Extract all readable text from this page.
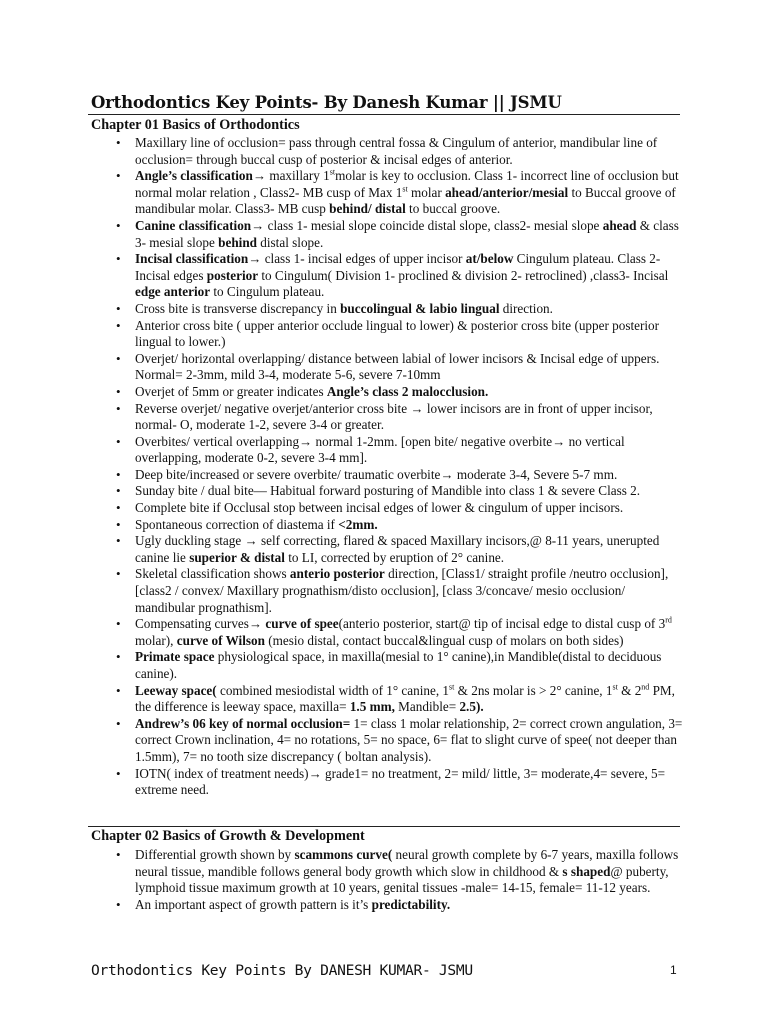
Orthodontics Key Points- By Danesh Kumar || JSMU
Chapter 01 Basics of Orthodontics
• Maxillary line of occlusion= pass through central fossa & Cingulum of anterior, mandibular line of occlusion= through buccal cusp of posterior & incisal edges of anterior.
• Angle’s classification→ maxillary 1stmolar is key to occlusion. Class 1- incorrect line of occlusion but normal molar relation , Class2- MB cusp of Max 1st molar ahead/anterior/mesial to Buccal groove of mandibular molar. Class3- MB cusp behind/ distal to buccal groove.
• Canine classification→ class 1- mesial slope coincide distal slope, class2- mesial slope ahead & class 3- mesial slope behind distal slope.
• Incisal classification→ class 1- incisal edges of upper incisor at/below Cingulum plateau. Class 2- Incisal edges posterior to Cingulum( Division 1- proclined & division 2- retroclined) ,class3- Incisal edge anterior to Cingulum plateau.
• Cross bite is transverse discrepancy in buccolingual & labio lingual direction.
• Anterior cross bite ( upper anterior occlude lingual to lower) & posterior cross bite (upper posterior lingual to lower.)
• Overjet/ horizontal overlapping/ distance between labial of lower incisors & Incisal edge of uppers. Normal= 2-3mm, mild 3-4, moderate 5-6, severe 7-10mm
• Overjet of 5mm or greater indicates Angle’s class 2 malocclusion.
• Reverse overjet/ negative overjet/anterior cross bite → lower incisors are in front of upper incisor, normal- O, moderate 1-2, severe 3-4 or greater.
• Overbites/ vertical overlapping→ normal 1-2mm. [open bite/ negative overbite→ no vertical overlapping, moderate 0-2, severe 3-4 mm].
• Deep bite/increased or severe overbite/ traumatic overbite→ moderate 3-4, Severe 5-7 mm.
• Sunday bite / dual bite— Habitual forward posturing of Mandible into class 1 & severe Class 2.
• Complete bite if Occlusal stop between incisal edges of lower & cingulum of upper incisors.
• Spontaneous correction of diastema if <2mm.
• Ugly duckling stage → self correcting, flared & spaced Maxillary incisors,@ 8-11 years, unerupted canine lie superior & distal to LI, corrected by eruption of 2° canine.
• Skeletal classification shows anterio posterior direction, [Class1/ straight profile /neutro occlusion], [class2 / convex/ Maxillary prognathism/disto occlusion], [class 3/concave/ mesio occlusion/ mandibular prognathism].
• Compensating curves→ curve of spee(anterio posterior, start@ tip of incisal edge to distal cusp of 3rd molar), curve of Wilson (mesio distal, contact buccal&lingual cusp of molars on both sides)
• Primate space physiological space, in maxilla(mesial to 1° canine),in Mandible(distal to deciduous canine).
• Leeway space( combined mesiodistal width of 1° canine, 1st & 2ns molar is > 2° canine, 1st & 2nd PM, the difference is leeway space, maxilla= 1.5 mm, Mandible= 2.5).
• Andrew’s 06 key of normal occlusion= 1= class 1 molar relationship, 2= correct crown angulation, 3= correct Crown inclination, 4= no rotations, 5= no space, 6= flat to slight curve of spee( not deeper than 1.5mm), 7= no tooth size discrepancy ( boltan analysis).
• IOTN( index of treatment needs)→ grade1= no treatment, 2= mild/ little, 3= moderate,4= severe, 5= extreme need.
Chapter 02 Basics of Growth & Development
• Differential growth shown by scammons curve( neural growth complete by 6-7 years, maxilla follows neural tissue, mandible follows general body growth which slow in childhood & s shaped@ puberty, lymphoid tissue maximum growth at 10 years, genital tissues -male= 14-15, female= 11-12 years.
• An important aspect of growth pattern is it’s predictability.
Orthodontics Key Points By DANESH KUMAR- JSMU	1
